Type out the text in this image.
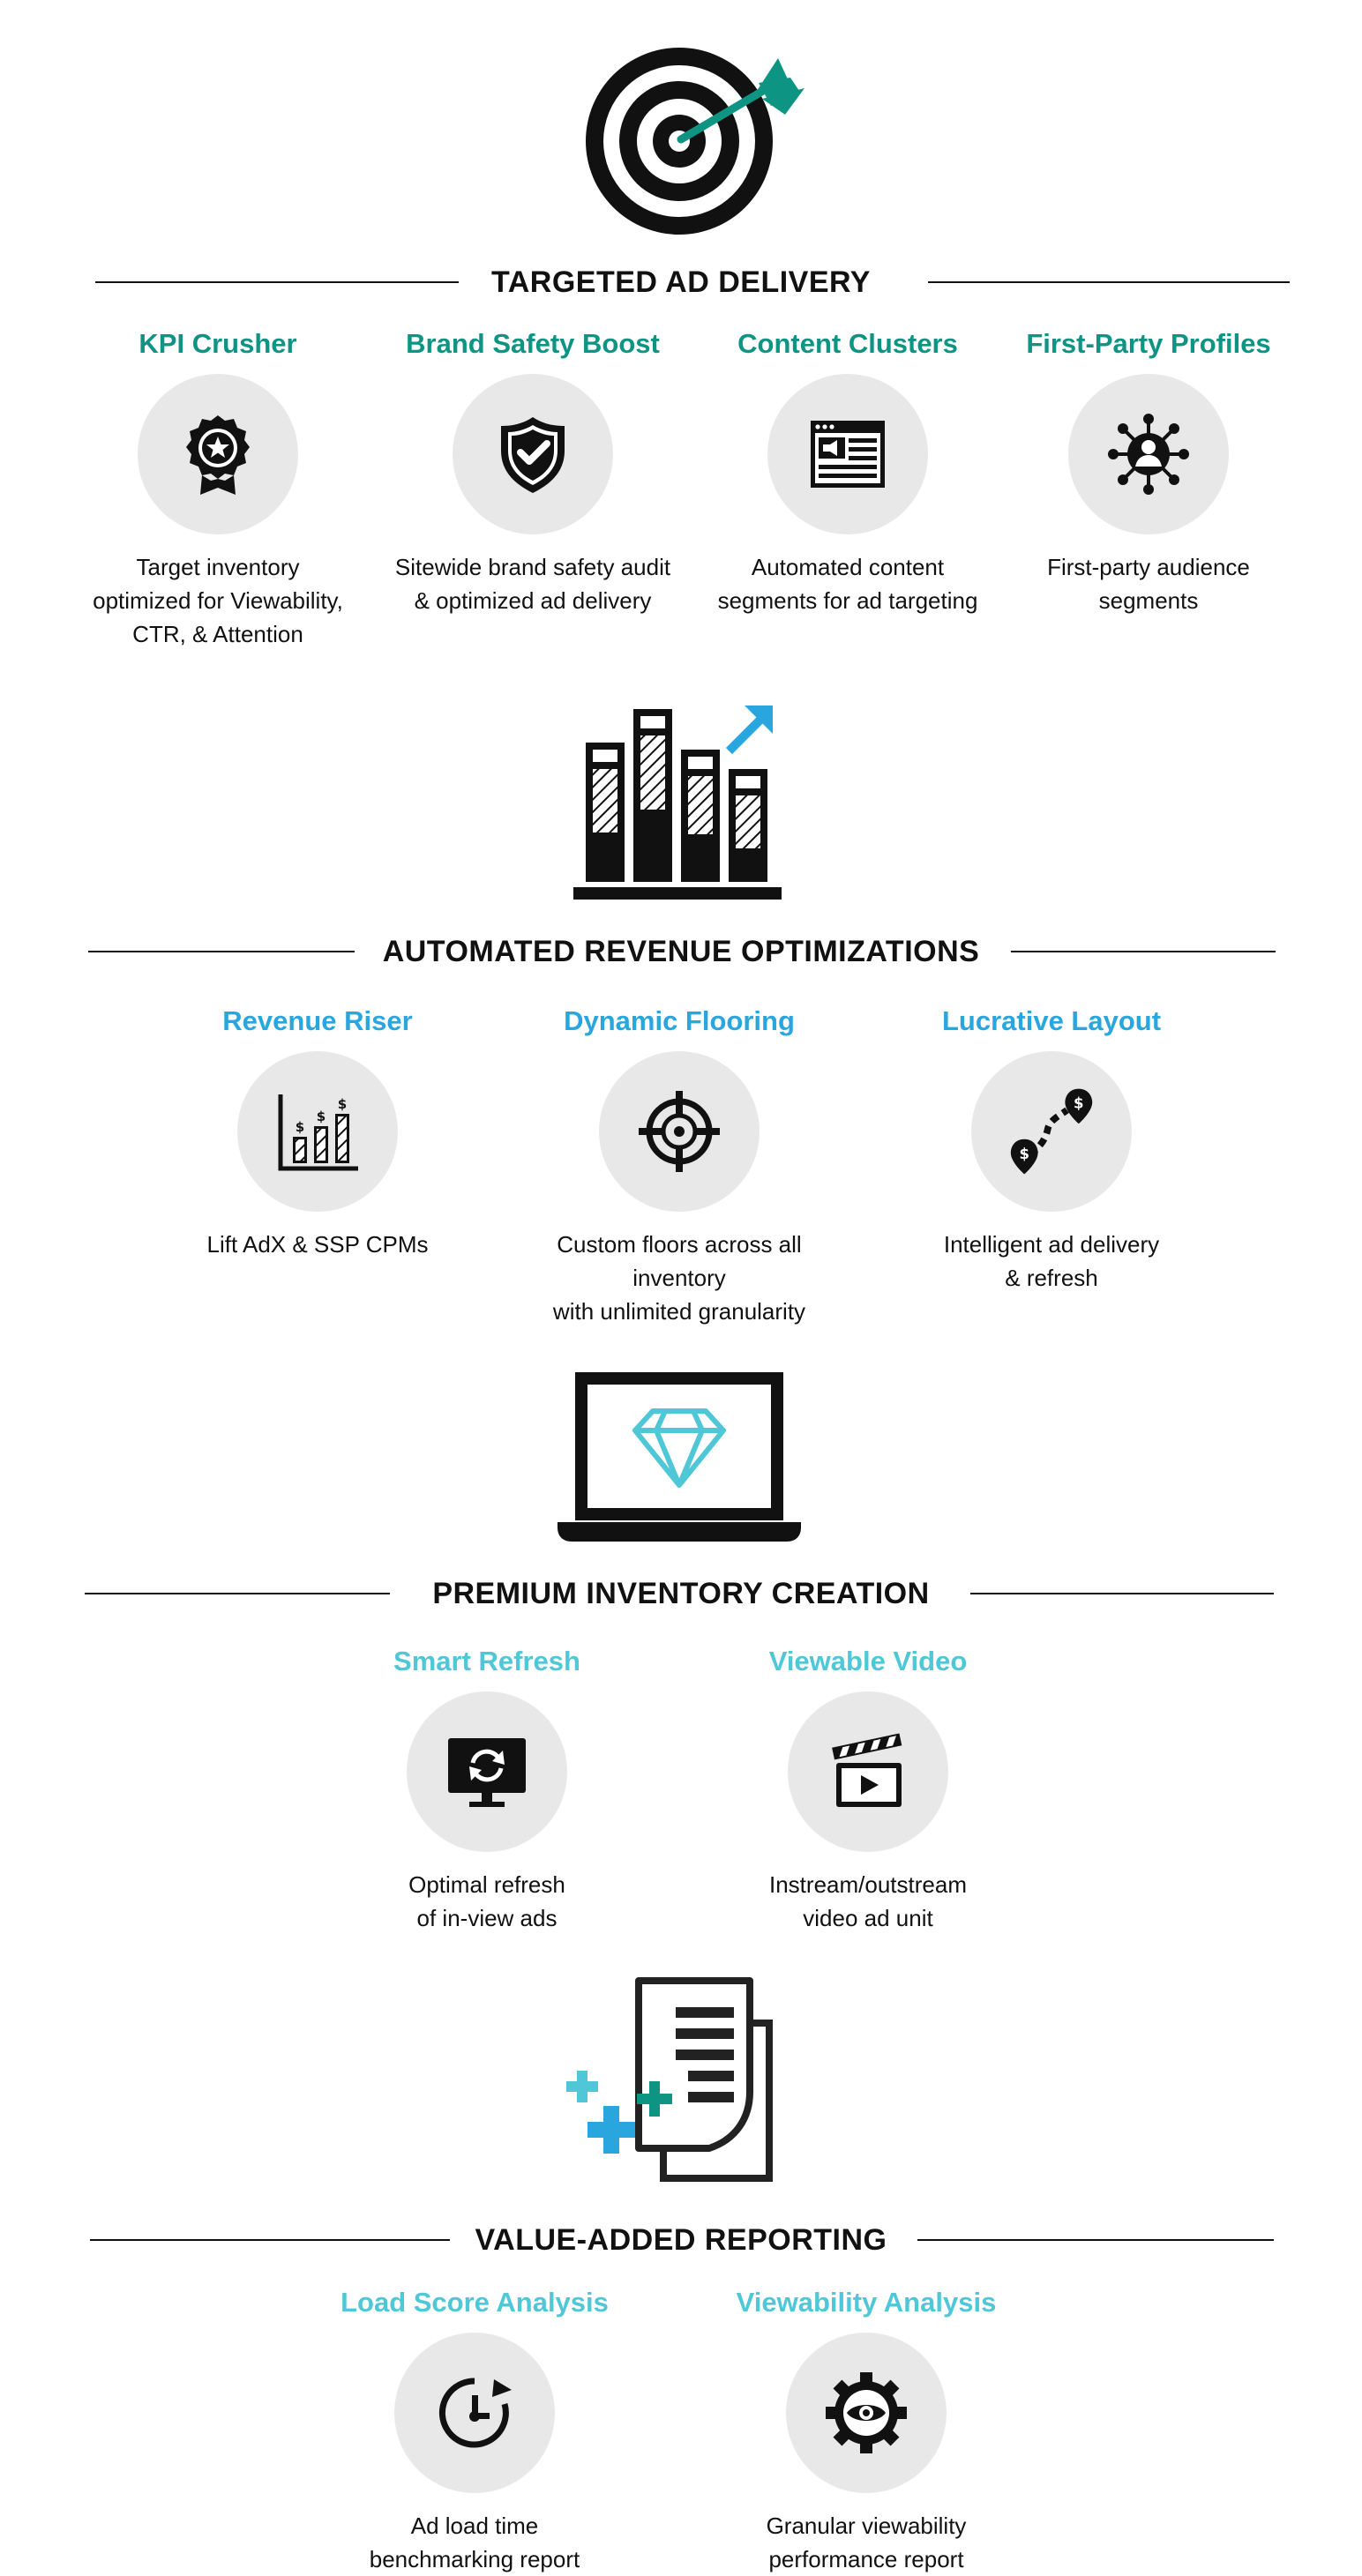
TARGETED AD DELIVERY
KPI Crusher
Target inventory
optimized for Viewability,
CTR, & Attention
Brand Safety Boost
Sitewide brand safety audit
& optimized ad delivery
Content Clusters
Automated content
segments for ad targeting
First-Party Profiles
First-party audience
segments
AUTOMATED REVENUE OPTIMIZATIONS
Revenue Riser
$
$
$
Lift AdX & SSP CPMs
Dynamic Flooring
Custom floors across all inventory
with unlimited granularity
Lucrative Layout
$
$
Intelligent ad delivery
& refresh
PREMIUM INVENTORY CREATION
Smart Refresh
Optimal refresh
of in-view ads
Viewable Video
Instream/outstream
video ad unit
VALUE-ADDED REPORTING
Load Score Analysis
Ad load time
benchmarking report
Viewability Analysis
Granular viewability
performance report
